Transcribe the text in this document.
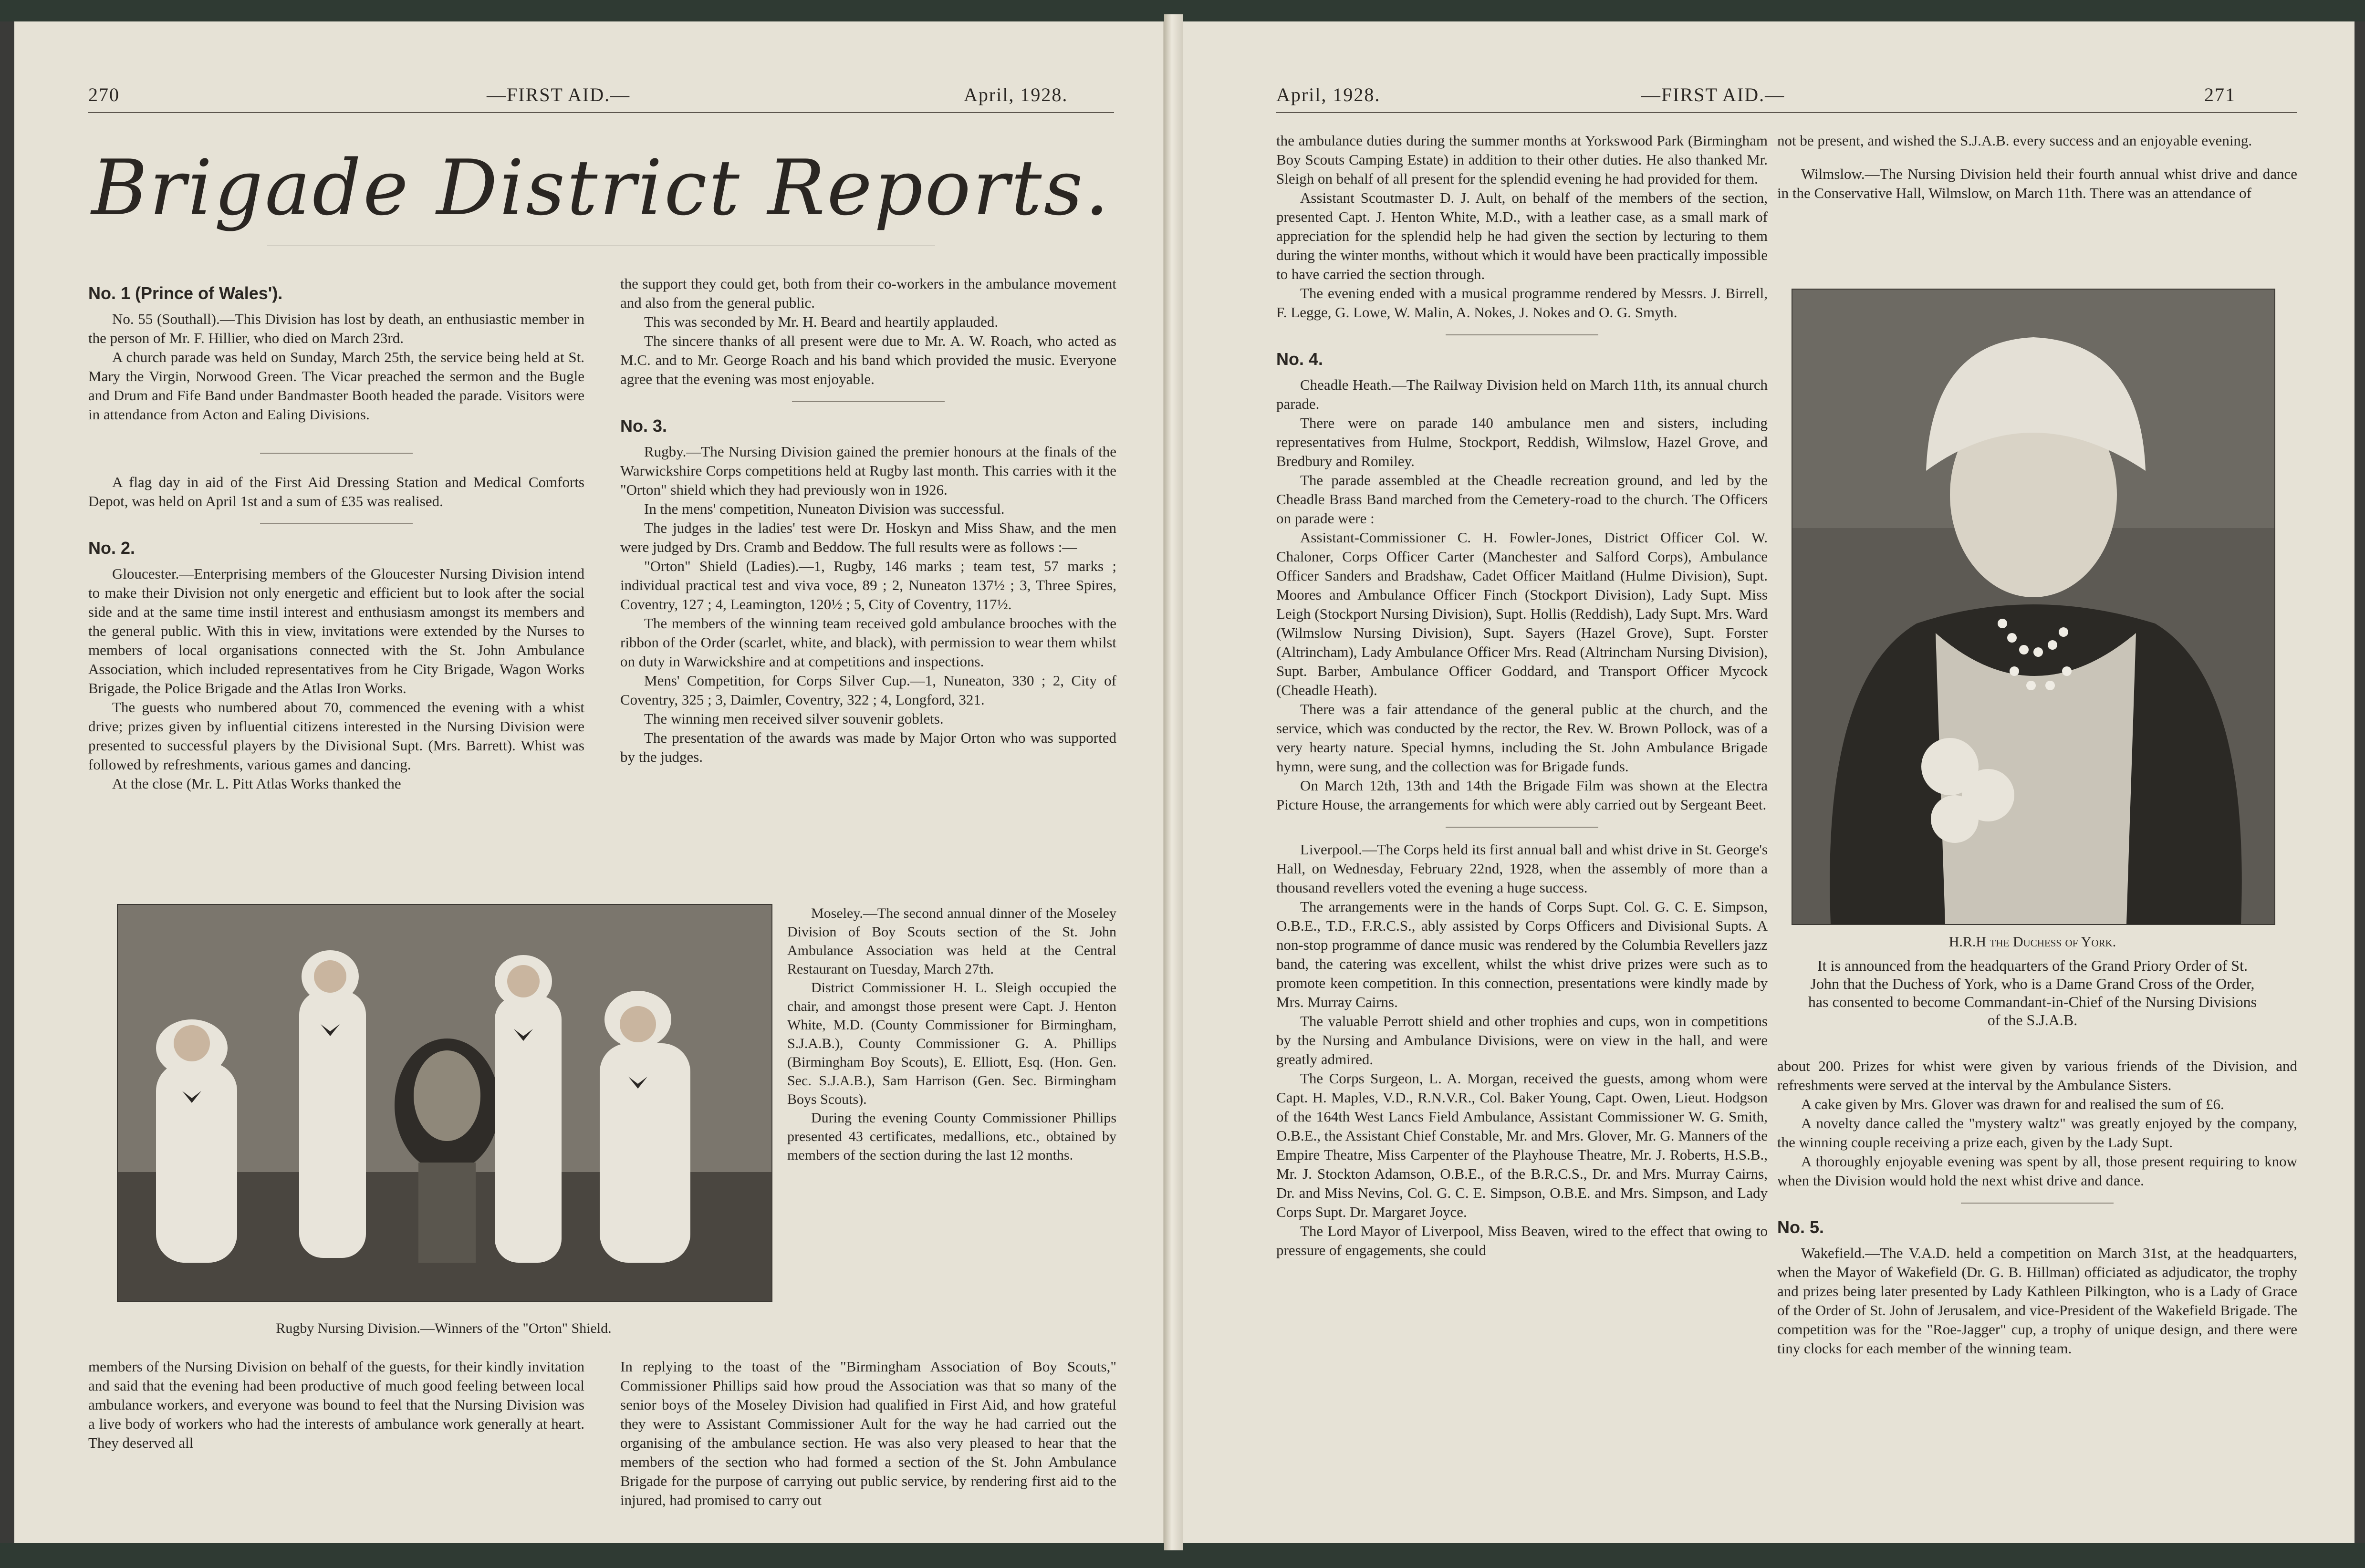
270	—FIRST AID.—	April, 1928.
Brigade District Reports.
No. 1 (Prince of Wales').

No. 55 (Southall).—This Division has lost by death, an enthusiastic member in the person of Mr. F. Hillier, who died on March 23rd.

A church parade was held on Sunday, March 25th, the service being held at St. Mary the Virgin, Norwood Green. The Vicar preached the sermon and the Bugle and Drum and Fife Band under Bandmaster Booth headed the parade. Visitors were in attendance from Acton and Ealing Divisions.

A flag day in aid of the First Aid Dressing Station and Medical Comforts Depot, was held on April 1st and a sum of £35 was realised.

No. 2.

Gloucester.—Enterprising members of the Gloucester Nursing Division intend to make their Division not only energetic and efficient but to look after the social side and at the same time instil interest and enthusiasm amongst its members and the general public. With this in view, invitations were extended by the Nurses to members of local organisations connected with the St. John Ambulance Association, which included representatives from he City Brigade, Wagon Works Brigade, the Police Brigade and the Atlas Iron Works.

The guests who numbered about 70, commenced the evening with a whist drive; prizes given by influential citizens interested in the Nursing Division were presented to successful players by the Divisional Supt. (Mrs. Barrett). Whist was followed by refreshments, various games and dancing.

At the close (Mr. L. Pitt Atlas Works thanked the

the support they could get, both from their co-workers in the ambulance movement and also from the general public.

This was seconded by Mr. H. Beard and heartily applauded.

The sincere thanks of all present were due to Mr. A. W. Roach, who acted as M.C. and to Mr. George Roach and his band which provided the music. Everyone agree that the evening was most enjoyable.

No. 3.

Rugby.—The Nursing Division gained the premier honours at the finals of the Warwickshire Corps competitions held at Rugby last month. This carries with it the "Orton" shield which they had previously won in 1926.

In the mens' competition, Nuneaton Division was successful.

The judges in the ladies' test were Dr. Hoskyn and Miss Shaw, and the men were judged by Drs. Cramb and Beddow. The full results were as follows :—

"Orton" Shield (Ladies).—1, Rugby, 146 marks ; team test, 57 marks ; individual practical test and viva voce, 89 ; 2, Nuneaton 137½ ; 3, Three Spires, Coventry, 127 ; 4, Leamington, 120½ ; 5, City of Coventry, 117½.

The members of the winning team received gold ambulance brooches with the ribbon of the Order (scarlet, white, and black), with permission to wear them whilst on duty in Warwickshire and at competitions and inspections.

Mens' Competition, for Corps Silver Cup.—1, Nuneaton, 330 ; 2, City of Coventry, 325 ; 3, Daimler, Coventry, 322 ; 4, Longford, 321.

The winning men received silver souvenir goblets.

The presentation of the awards was made by Major Orton who was supported by the judges.

Moseley.—The second annual dinner of the Moseley Division of Boy Scouts section of the St. John Ambulance Association was held at the Central Restaurant on Tuesday, March 27th.

District Commissioner H. L. Sleigh occupied the chair, and amongst those present were Capt. J. Henton White, M.D. (County Commissioner for Birmingham, S.J.A.B.), County Commissioner G. A. Phillips (Birmingham Boy Scouts), E. Elliott, Esq. (Hon. Gen. Sec. S.J.A.B.), Sam Harrison (Gen. Sec. Birmingham Boys Scouts).

During the evening County Commissioner Phillips presented 43 certificates, medallions, etc., obtained by members of the section during the last 12 months.

Rugby Nursing Division.—Winners of the "Orton" Shield.

members of the Nursing Division on behalf of the guests, for their kindly invitation and said that the evening had been productive of much good feeling between local ambulance workers, and everyone was bound to feel that the Nursing Division was a live body of workers who had the interests of ambulance work generally at heart. They deserved all

In replying to the toast of the "Birmingham Association of Boy Scouts," Commissioner Phillips said how proud the Association was that so many of the senior boys of the Moseley Division had qualified in First Aid, and how grateful they were to Assistant Commissioner Ault for the way he had carried out the organising of the ambulance section. He was also very pleased to hear that the members of the section who had formed a section of the St. John Ambulance Brigade for the purpose of carrying out public service, by rendering first aid to the injured, had promised to carry out

April, 1928.	—FIRST AID.—	271

the ambulance duties during the summer months at Yorkswood Park (Birmingham Boy Scouts Camping Estate) in addition to their other duties. He also thanked Mr. Sleigh on behalf of all present for the splendid evening he had provided for them.

Assistant Scoutmaster D. J. Ault, on behalf of the members of the section, presented Capt. J. Henton White, M.D., with a leather case, as a small mark of appreciation for the splendid help he had given the section by lecturing to them during the winter months, without which it would have been practically impossible to have carried the section through.

The evening ended with a musical programme rendered by Messrs. J. Birrell, F. Legge, G. Lowe, W. Malin, A. Nokes, J. Nokes and O. G. Smyth.

No. 4.

Cheadle Heath.—The Railway Division held on March 11th, its annual church parade.

There were on parade 140 ambulance men and sisters, including representatives from Hulme, Stockport, Reddish, Wilmslow, Hazel Grove, and Bredbury and Romiley.

The parade assembled at the Cheadle recreation ground, and led by the Cheadle Brass Band marched from the Cemetery-road to the church. The Officers on parade were :

Assistant-Commissioner C. H. Fowler-Jones, District Officer Col. W. Chaloner, Corps Officer Carter (Manchester and Salford Corps), Ambulance Officer Sanders and Bradshaw, Cadet Officer Maitland (Hulme Division), Supt. Moores and Ambulance Officer Finch (Stockport Division), Lady Supt. Miss Leigh (Stockport Nursing Division), Supt. Hollis (Reddish), Lady Supt. Mrs. Ward (Wilmslow Nursing Division), Supt. Sayers (Hazel Grove), Supt. Forster (Altrincham), Lady Ambulance Officer Mrs. Read (Altrincham Nursing Division), Supt. Barber, Ambulance Officer Goddard, and Transport Officer Mycock (Cheadle Heath).

There was a fair attendance of the general public at the church, and the service, which was conducted by the rector, the Rev. W. Brown Pollock, was of a very hearty nature. Special hymns, including the St. John Ambulance Brigade hymn, were sung, and the collection was for Brigade funds.

On March 12th, 13th and 14th the Brigade Film was shown at the Electra Picture House, the arrangements for which were ably carried out by Sergeant Beet.

Liverpool.—The Corps held its first annual ball and whist drive in St. George's Hall, on Wednesday, February 22nd, 1928, when the assembly of more than a thousand revellers voted the evening a huge success.

The arrangements were in the hands of Corps Supt. Col. G. C. E. Simpson, O.B.E., T.D., F.R.C.S., ably assisted by Corps Officers and Divisional Supts. A non-stop programme of dance music was rendered by the Columbia Revellers jazz band, the catering was excellent, whilst the whist drive prizes were such as to promote keen competition. In this connection, presentations were kindly made by Mrs. Murray Cairns.

The valuable Perrott shield and other trophies and cups, won in competitions by the Nursing and Ambulance Divisions, were on view in the hall, and were greatly admired.

The Corps Surgeon, L. A. Morgan, received the guests, among whom were Capt. H. Maples, V.D., R.N.V.R., Col. Baker Young, Capt. Owen, Lieut. Hodgson of the 164th West Lancs Field Ambulance, Assistant Commissioner W. G. Smith, O.B.E., the Assistant Chief Constable, Mr. and Mrs. Glover, Mr. G. Manners of the Empire Theatre, Miss Carpenter of the Playhouse Theatre, Mr. J. Roberts, H.S.B., Mr. J. Stockton Adamson, O.B.E., of the B.R.C.S., Dr. and Mrs. Murray Cairns, Dr. and Miss Nevins, Col. G. C. E. Simpson, O.B.E. and Mrs. Simpson, and Lady Corps Supt. Dr. Margaret Joyce.

The Lord Mayor of Liverpool, Miss Beaven, wired to the effect that owing to pressure of engagements, she could

not be present, and wished the S.J.A.B. every success and an enjoyable evening.

Wilmslow.—The Nursing Division held their fourth annual whist drive and dance in the Conservative Hall, Wilmslow, on March 11th. There was an attendance of

H.R.H the Duchess of York.
It is announced from the headquarters of the Grand Priory Order of St. John that the Duchess of York, who is a Dame Grand Cross of the Order, has consented to become Commandant-in-Chief of the Nursing Divisions of the S.J.A.B.

about 200. Prizes for whist were given by various friends of the Division, and refreshments were served at the interval by the Ambulance Sisters.

A cake given by Mrs. Glover was drawn for and realised the sum of £6.

A novelty dance called the "mystery waltz" was greatly enjoyed by the company, the winning couple receiving a prize each, given by the Lady Supt.

A thoroughly enjoyable evening was spent by all, those present requiring to know when the Division would hold the next whist drive and dance.

No. 5.

Wakefield.—The V.A.D. held a competition on March 31st, at the headquarters, when the Mayor of Wakefield (Dr. G. B. Hillman) officiated as adjudicator, the trophy and prizes being later presented by Lady Kathleen Pilkington, who is a Lady of Grace of the Order of St. John of Jerusalem, and vice-President of the Wakefield Brigade. The competition was for the "Roe-Jagger" cup, a trophy of unique design, and there were tiny clocks for each member of the winning team.
